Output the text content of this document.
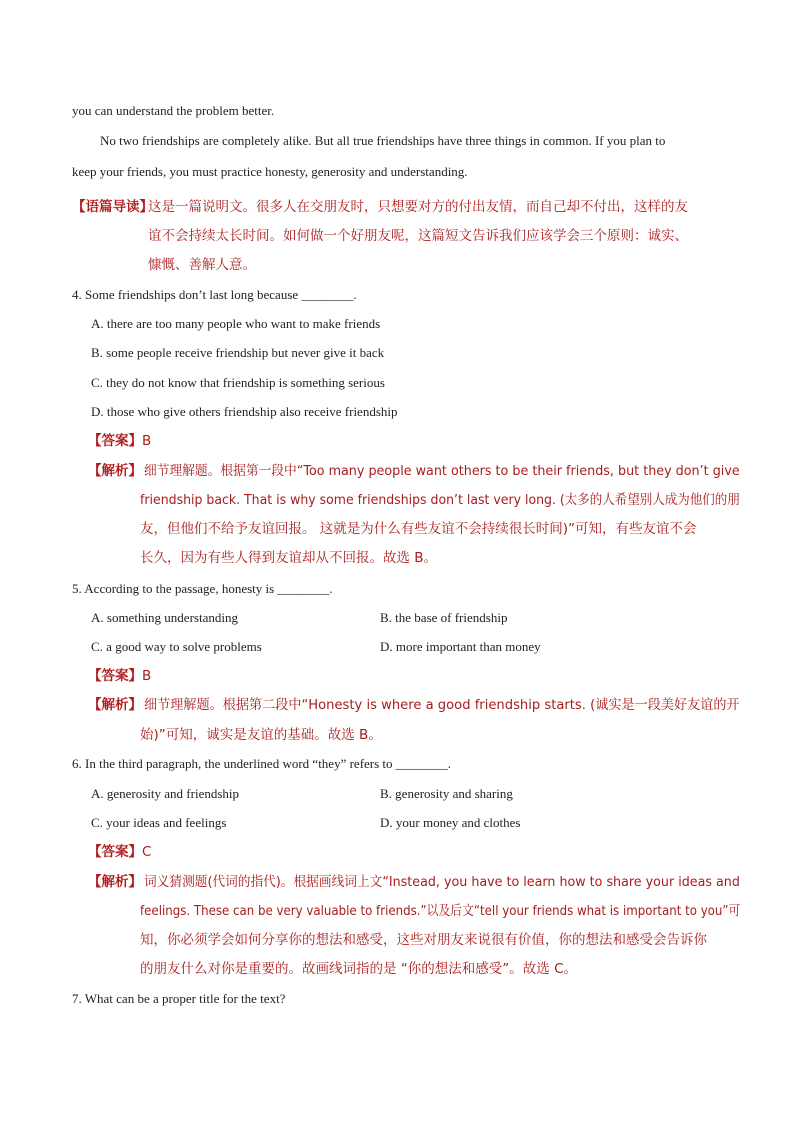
you can understand the problem better.
No two friendships are completely alike. But all true friendships have three things in common. If you plan to
keep your friends, you must practice honesty, generosity and understanding.
【语篇导读】
这是一篇说明文。很多人在交朋友时，只想要对方的付出友情，而自己却不付出，这样的友
谊不会持续太长时间。如何做一个好朋友呢，这篇短文告诉我们应该学会三个原则：诚实、
慷慨、善解人意。
4. Some friendships don’t last long because ________.
A. there are too many people who want to make friends
B. some people receive friendship but never give it back
C. they do not know that friendship is something serious
D. those who give others friendship also receive friendship
【答案】B
【解析】 细节理解题。根据第一段中“Too many people want others to be their friends, but they don’t give
friendship back. That is why some friendships don’t last very long. (太多的人希望别人成为他们的朋
友，但他们不给予友谊回报。 这就是为什么有些友谊不会持续很长时间)”可知，有些友谊不会
长久，因为有些人得到友谊却从不回报。故选 B。
5. According to the passage, honesty is ________.
A. something understanding	B. the base of friendship
C. a good way to solve problems	D. more important than money
【答案】B
【解析】 细节理解题。根据第二段中“Honesty is where a good friendship starts. (诚实是一段美好友谊的开
始)”可知，诚实是友谊的基础。故选 B。
6. In the third paragraph, the underlined word “they” refers to ________.
A. generosity and friendship	B. generosity and sharing
C. your ideas and feelings	D. your money and clothes
【答案】C
【解析】 词义猜测题(代词的指代)。根据画线词上文“Instead, you have to learn how to share your ideas and
feelings. These can be very valuable to friends.”以及后文“tell your friends what is important to you”可
知，你必须学会如何分享你的想法和感受，这些对朋友来说很有价值，你的想法和感受会告诉你
的朋友什么对你是重要的。故画线词指的是 “你的想法和感受”。故选 C。
7. What can be a proper title for the text?
